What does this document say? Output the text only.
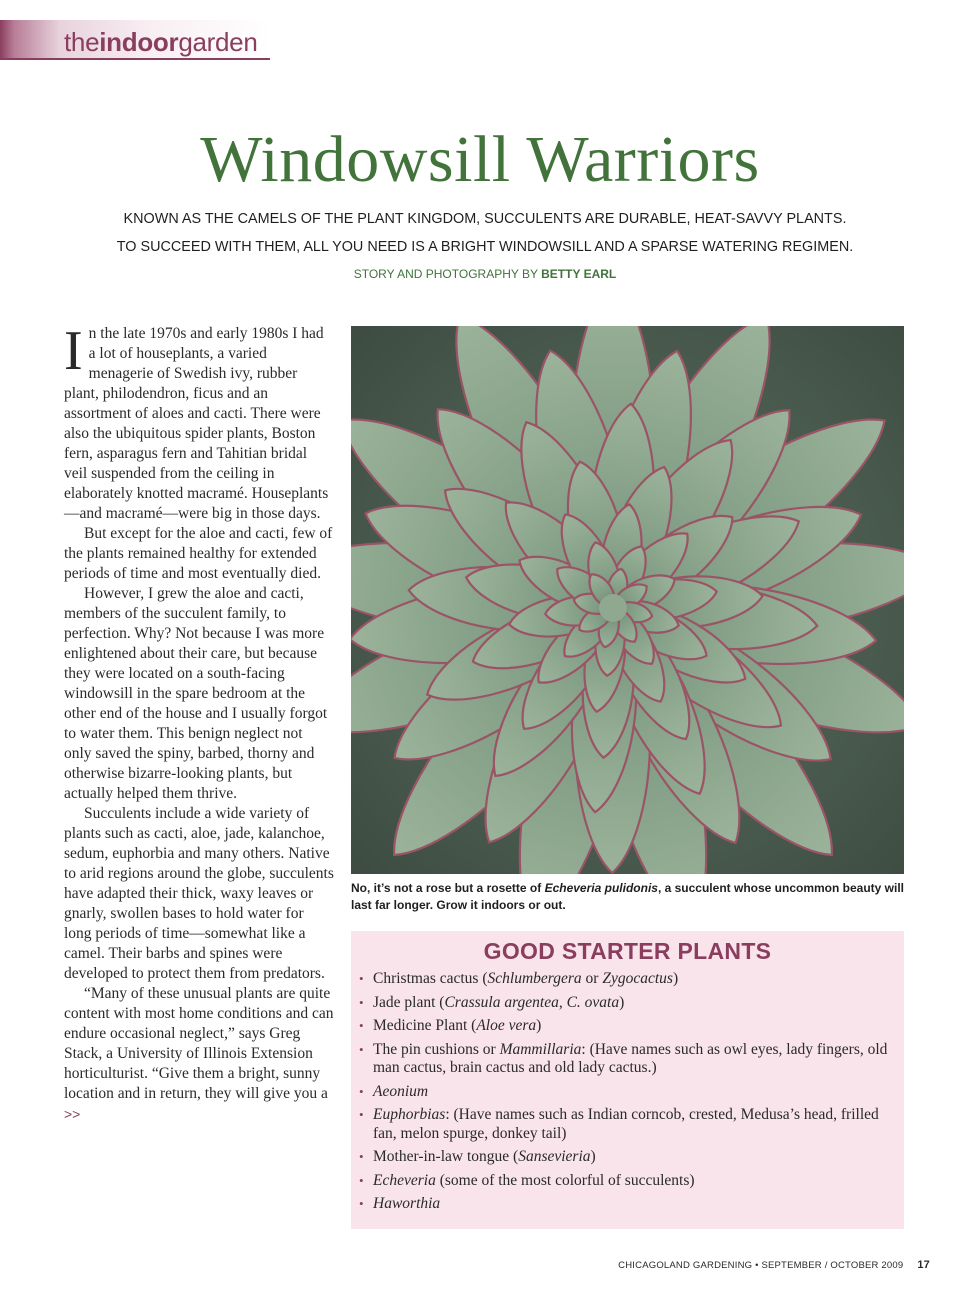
theindoorgarden
Windowsill Warriors
KNOWN AS THE CAMELS OF THE PLANT KINGDOM, SUCCULENTS ARE DURABLE, HEAT-SAVVY PLANTS.
TO SUCCEED WITH THEM, ALL YOU NEED IS A BRIGHT WINDOWSILL AND A SPARSE WATERING REGIMEN.
STORY AND PHOTOGRAPHY BY BETTY EARL

In the late 1970s and early 1980s I had a lot of houseplants, a varied menagerie of Swedish ivy, rubber plant, philodendron, ficus and an assortment of aloes and cacti. There were also the ubiquitous spider plants, Boston fern, asparagus fern and Tahitian bridal veil suspended from the ceiling in elaborately knotted macramé. Houseplants—and macramé—were big in those days.

But except for the aloe and cacti, few of the plants remained healthy for extended periods of time and most eventually died.

However, I grew the aloe and cacti, members of the succulent family, to perfection. Why? Not because I was more enlightened about their care, but because they were located on a south-facing windowsill in the spare bedroom at the other end of the house and I usually forgot to water them. This benign neglect not only saved the spiny, barbed, thorny and otherwise bizarre-looking plants, but actually helped them thrive.

Succulents include a wide variety of plants such as cacti, aloe, jade, kalanchoe, sedum, euphorbia and many others. Native to arid regions around the globe, succulents have adapted their thick, waxy leaves or gnarly, swollen bases to hold water for long periods of time—somewhat like a camel. Their barbs and spines were developed to protect them from predators.

“Many of these unusual plants are quite content with most home conditions and can endure occasional neglect,” says Greg Stack, a University of Illinois Extension horticulturist. “Give them a bright, sunny location and in return, they will give you a >>

No, it’s not a rose but a rosette of Echeveria pulidonis, a succulent whose uncommon beauty will last far longer. Grow it indoors or out.
GOOD STARTER PLANTS
• Christmas cactus (Schlumbergera or Zygocactus)
• Jade plant (Crassula argentea, C. ovata)
• Medicine Plant (Aloe vera)
• The pin cushions or Mammillaria: (Have names such as owl eyes, lady fingers, old man cactus, brain cactus and old lady cactus.)
• Aeonium
• Euphorbias: (Have names such as Indian corncob, crested, Medusa’s head, frilled fan, melon spurge, donkey tail)
• Mother-in-law tongue (Sansevieria)
• Echeveria (some of the most colorful of succulents)
• Haworthia
CHICAGOLAND GARDENING • SEPTEMBER / OCTOBER 2009 17
